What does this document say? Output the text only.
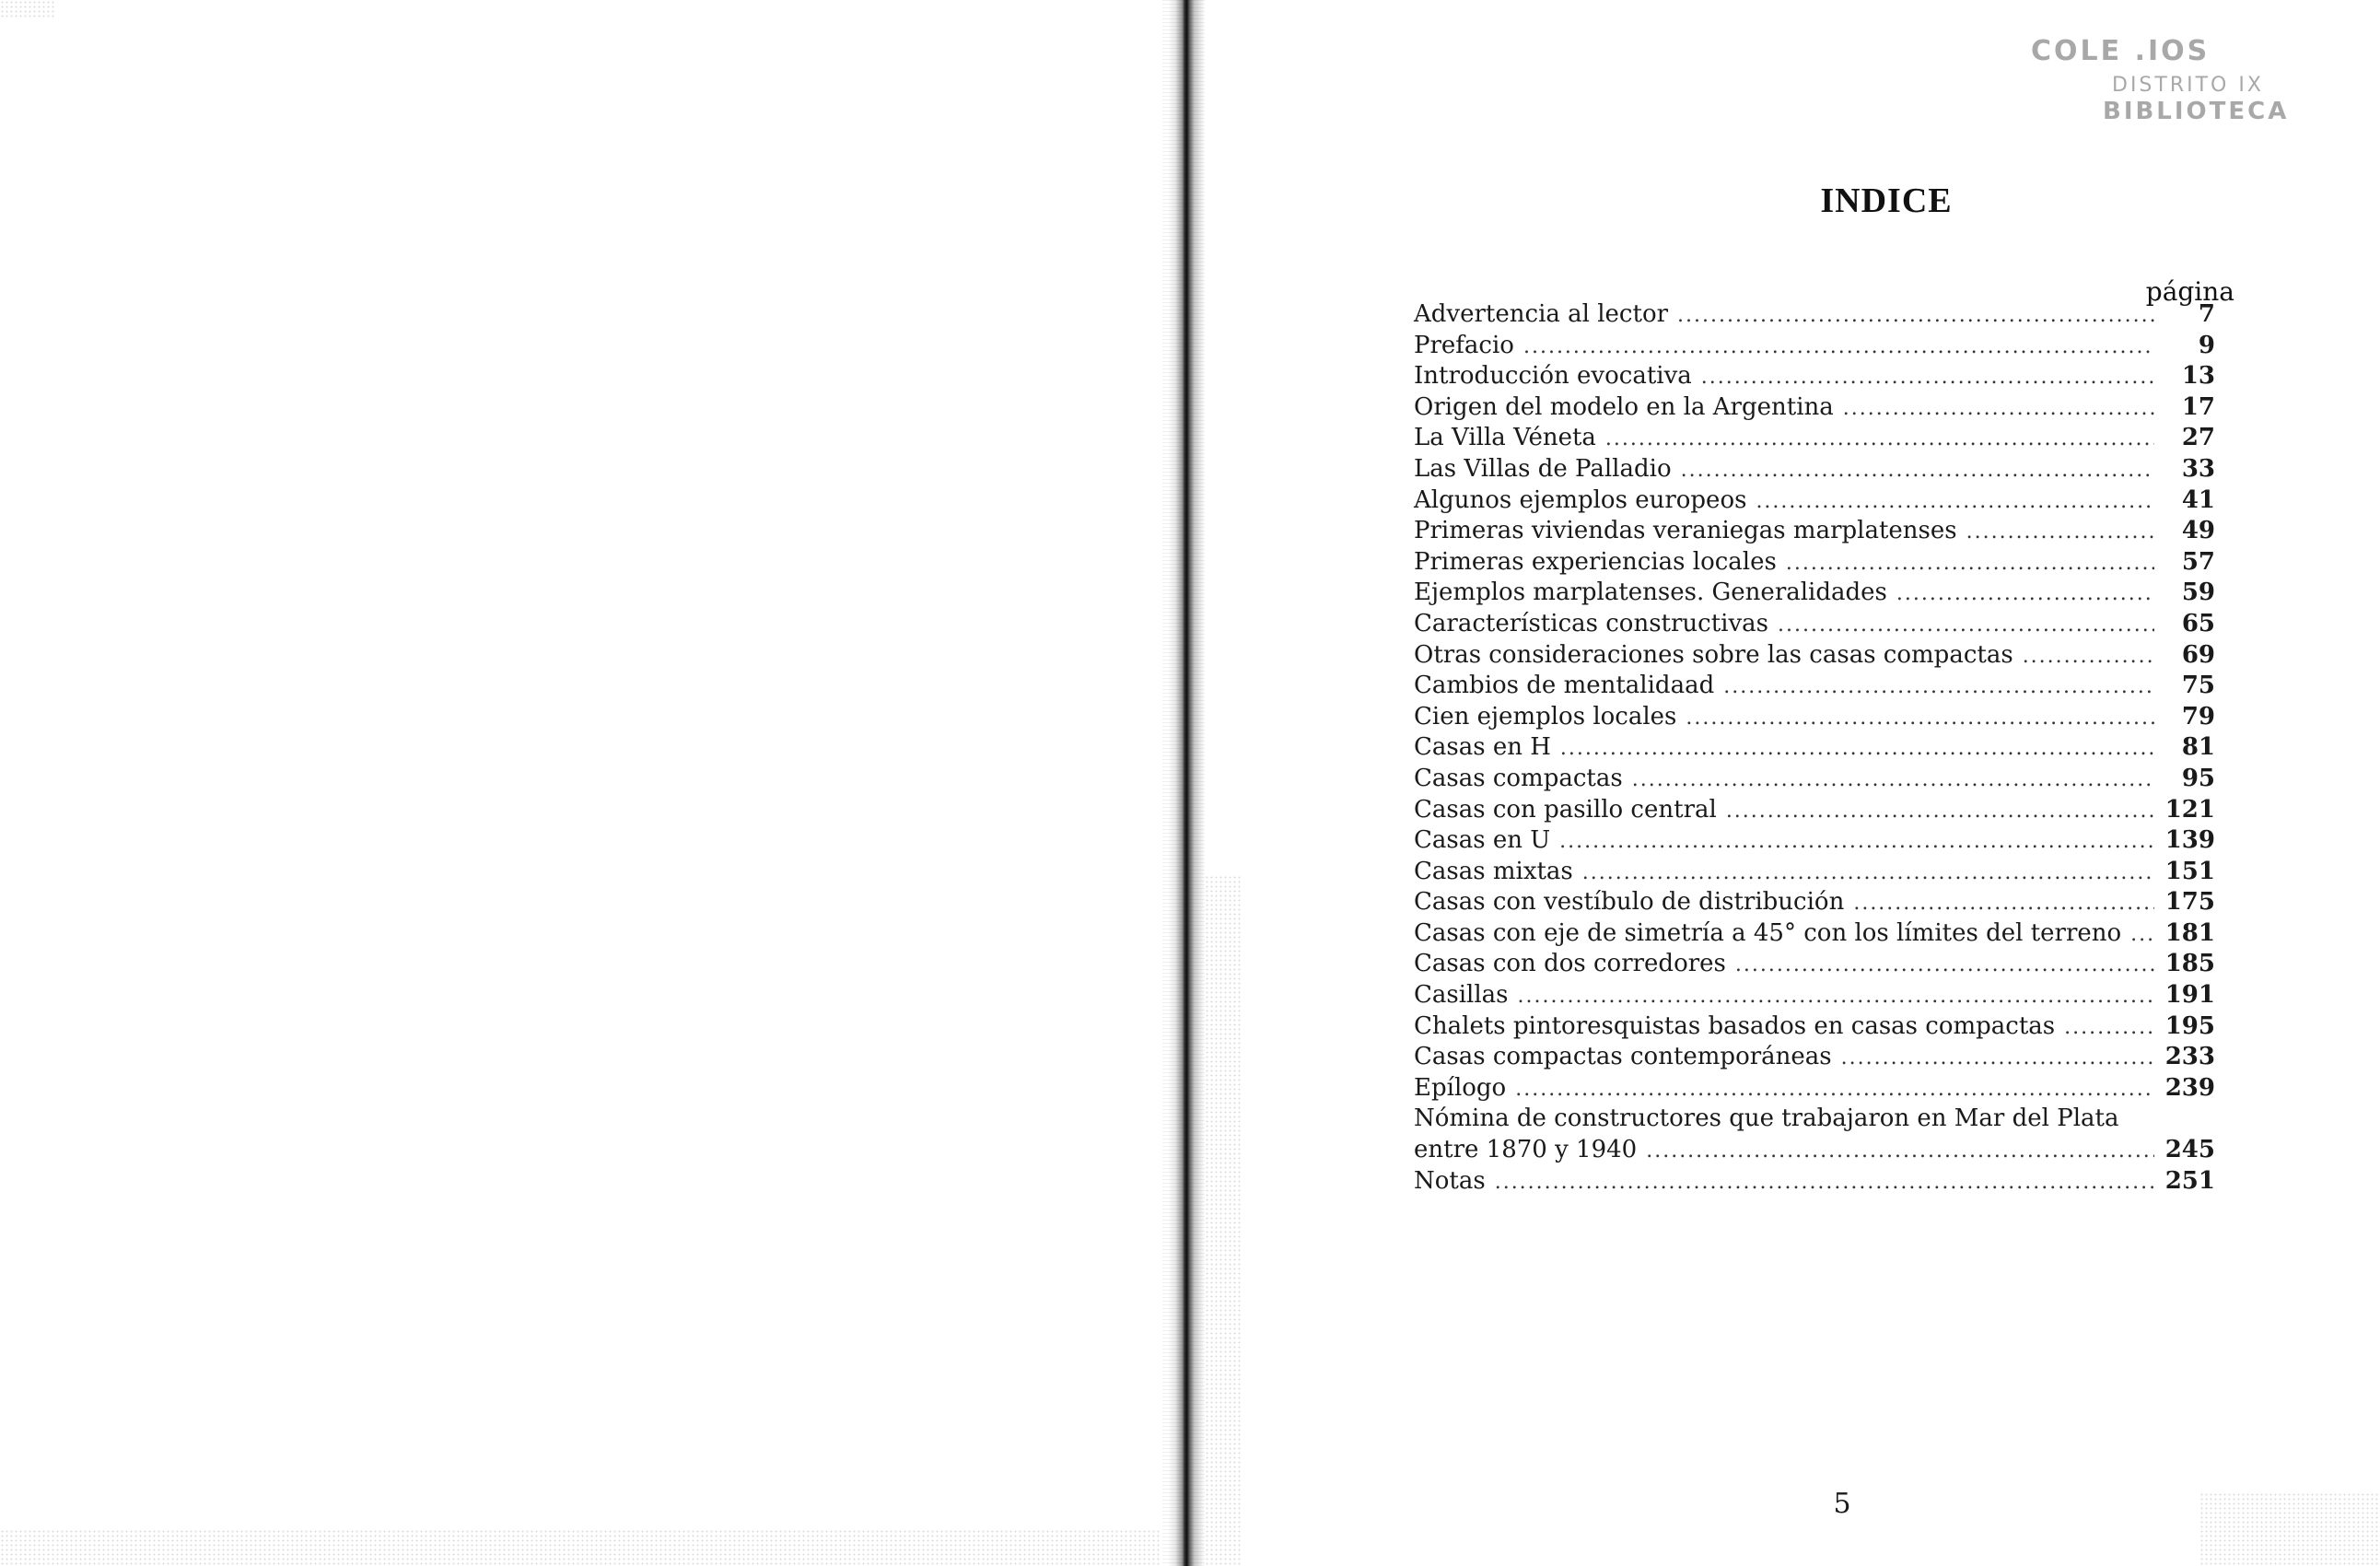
COLE .IOS
DISTRITO IX
BIBLIOTECA
INDICE
página
Advertencia al lector .....	7
Prefacio .....	9
Introducción evocativa .....	13
Origen del modelo en la Argentina .....	17
La Villa Véneta .....	27
Las Villas de Palladio .....	33
Algunos ejemplos europeos .....	41
Primeras viviendas veraniegas marplatenses .....	49
Primeras experiencias locales .....	57
Ejemplos marplatenses. Generalidades .....	59
Características constructivas .....	65
Otras consideraciones sobre las casas compactas .....	69
Cambios de mentalidaad .....	75
Cien ejemplos locales .....	79
Casas en H .....	81
Casas compactas .....	95
Casas con pasillo central .....	121
Casas en U .....	139
Casas mixtas .....	151
Casas con vestíbulo de distribución .....	175
Casas con eje de simetría a 45° con los límites del terreno .....	181
Casas con dos corredores .....	185
Casillas .....	191
Chalets pintoresquistas basados en casas compactas .....	195
Casas compactas contemporáneas .....	233
Epílogo .....	239
Nómina de constructores que trabajaron en Mar del Plata
entre 1870 y 1940 .....	245
Notas .....	251
5
